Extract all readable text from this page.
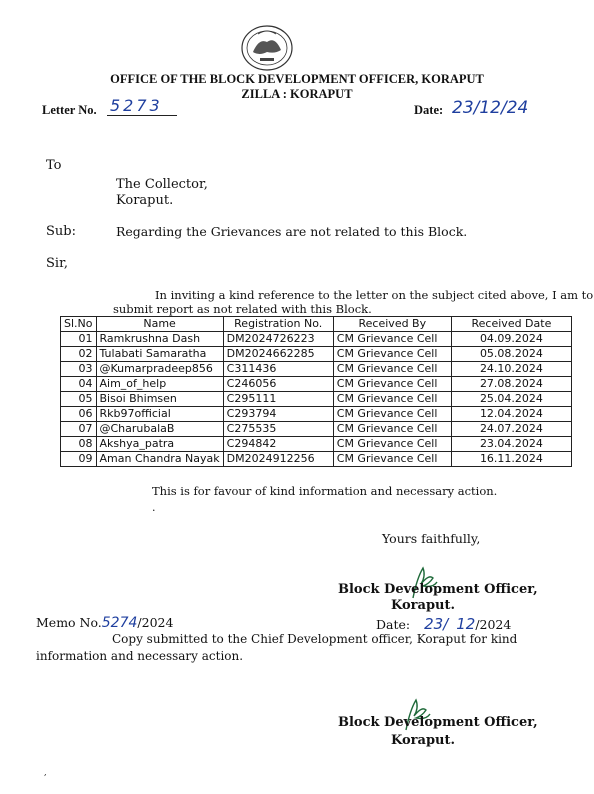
OFFICE OF THE BLOCK DEVELOPMENT OFFICER, KORAPUT
ZILLA : KORAPUT
Letter No. 5273	Date: 23/12/24
To
The Collector,
Koraput.
Sub:	Regarding the Grievances are not related to this Block.
Sir,
In inviting a kind reference to the letter on the subject cited above, I am to
submit report as not related with this Block.
Sl.No	Name	Registration No.	Received By	Received Date
01	Ramkrushna Dash	DM2024726223	CM Grievance Cell	04.09.2024
02	Tulabati Samaratha	DM2024662285	CM Grievance Cell	05.08.2024
03	@Kumarpradeep856	C311436	CM Grievance Cell	24.10.2024
04	Aim_of_help	C246056	CM Grievance Cell	27.08.2024
05	Bisoi Bhimsen	C295111	CM Grievance Cell	25.04.2024
06	Rkb97official	C293794	CM Grievance Cell	12.04.2024
07	@CharubalaB	C275535	CM Grievance Cell	24.07.2024
08	Akshya_patra	C294842	CM Grievance Cell	23.04.2024
09	Aman Chandra Nayak	DM2024912256	CM Grievance Cell	16.11.2024
This is for favour of kind information and necessary action.
.
Yours faithfully,
Block Development Officer,
Koraput.
Memo No.5274/2024	Date: 23/ 12/2024
Copy submitted to the Chief Development officer, Koraput for kind
information and necessary action.
Block Development Officer,
Koraput.
,
